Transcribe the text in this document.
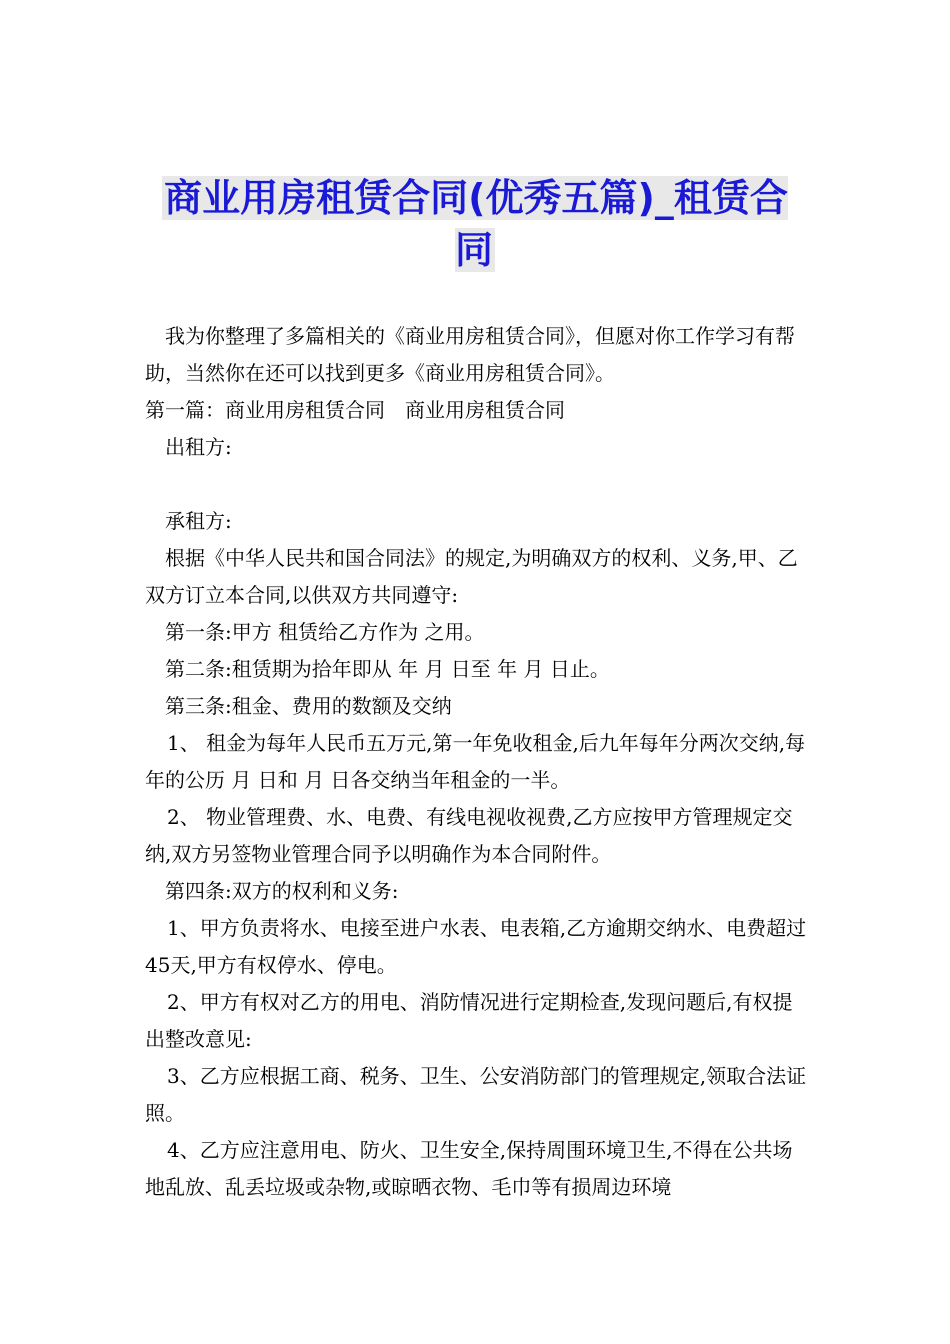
商业用房租赁合同(优秀五篇)_租赁合同

我为你整理了多篇相关的《商业用房租赁合同》，但愿对你工作学习有帮助，当然你在还可以找到更多《商业用房租赁合同》。

第一篇：商业用房租赁合同　商业用房租赁合同

出租方:

承租方:

根据《中华人民共和国合同法》的规定,为明确双方的权利、义务,甲、乙双方订立本合同,以供双方共同遵守:

第一条:甲方 租赁给乙方作为 之用。

第二条:租赁期为拾年即从 年 月 日至 年 月 日止。

第三条:租金、费用的数额及交纳

1、 租金为每年人民币五万元,第一年免收租金,后九年每年分两次交纳,每年的公历 月 日和 月 日各交纳当年租金的一半。

2、 物业管理费、水、电费、有线电视收视费,乙方应按甲方管理规定交纳,双方另签物业管理合同予以明确作为本合同附件。

第四条:双方的权利和义务:

1、甲方负责将水、电接至进户水表、电表箱,乙方逾期交纳水、电费超过45天,甲方有权停水、停电。

2、甲方有权对乙方的用电、消防情况进行定期检查,发现问题后,有权提出整改意见:

3、乙方应根据工商、税务、卫生、公安消防部门的管理规定,领取合法证照。

4、乙方应注意用电、防火、卫生安全,保持周围环境卫生,不得在公共场地乱放、乱丢垃圾或杂物,或晾晒衣物、毛巾等有损周边环境
